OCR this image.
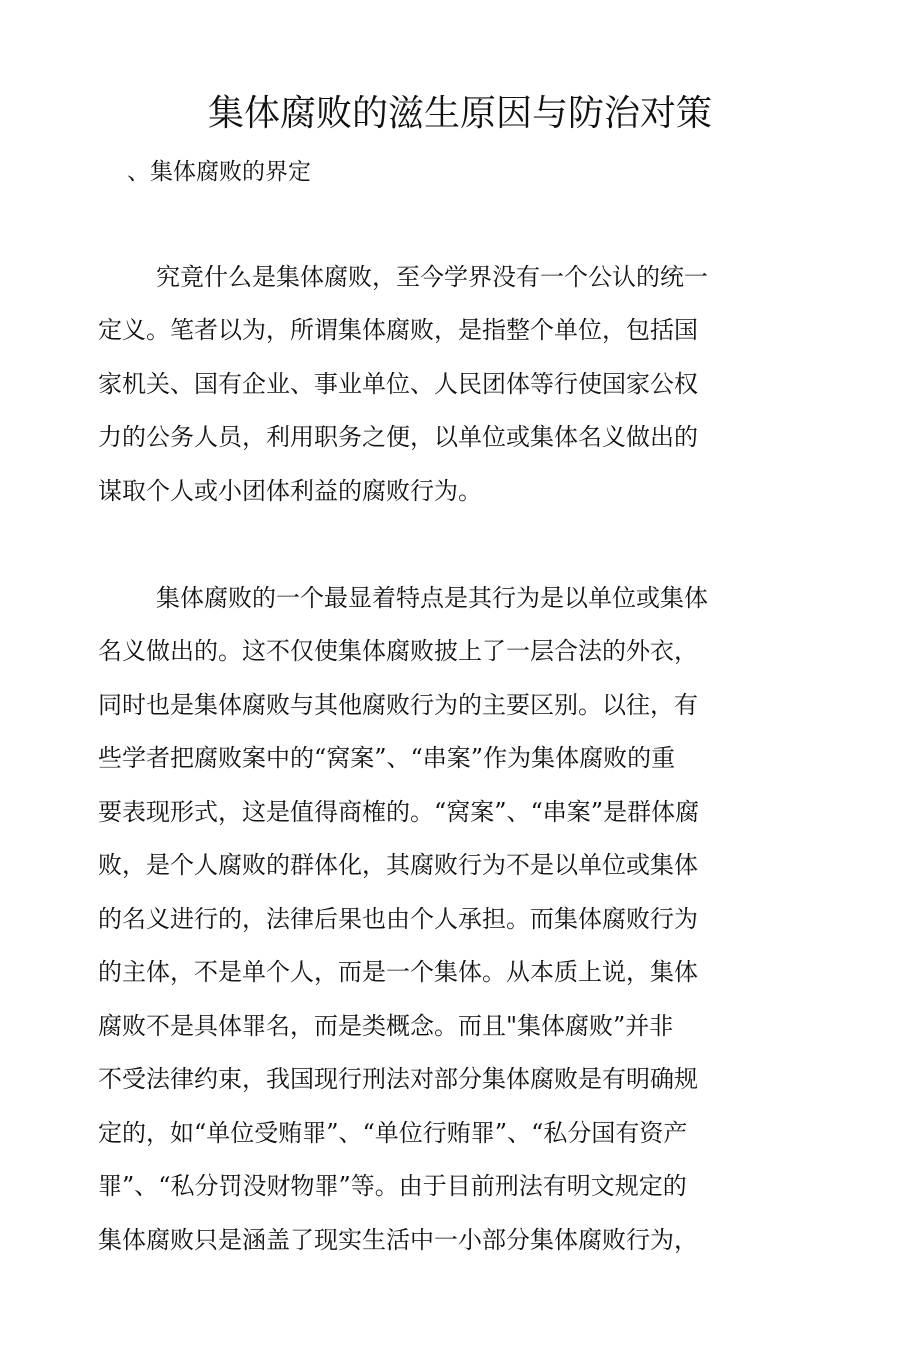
集体腐败的滋生原因与防治对策
、集体腐败的界定
究竟什么是集体腐败，至今学界没有一个公认的统一
定义。笔者以为，所谓集体腐败，是指整个单位，包括国
家机关、国有企业、事业单位、人民团体等行使国家公权
力的公务人员，利用职务之便，以单位或集体名义做出的
谋取个人或小团体利益的腐败行为。
集体腐败的一个最显着特点是其行为是以单位或集体
名义做出的。这不仅使集体腐败披上了一层合法的外衣，
同时也是集体腐败与其他腐败行为的主要区别。以往，有
些学者把腐败案中的“窝案”、“串案”作为集体腐败的重
要表现形式，这是值得商榷的。“窝案”、“串案”是群体腐
败，是个人腐败的群体化，其腐败行为不是以单位或集体
的名义进行的，法律后果也由个人承担。而集体腐败行为
的主体，不是单个人，而是一个集体。从本质上说，集体
腐败不是具体罪名，而是类概念。而且"集体腐败”并非
不受法律约束，我国现行刑法对部分集体腐败是有明确规
定的，如“单位受贿罪”、“单位行贿罪”、“私分国有资产
罪”、“私分罚没财物罪”等。由于目前刑法有明文规定的
集体腐败只是涵盖了现实生活中一小部分集体腐败行为，
